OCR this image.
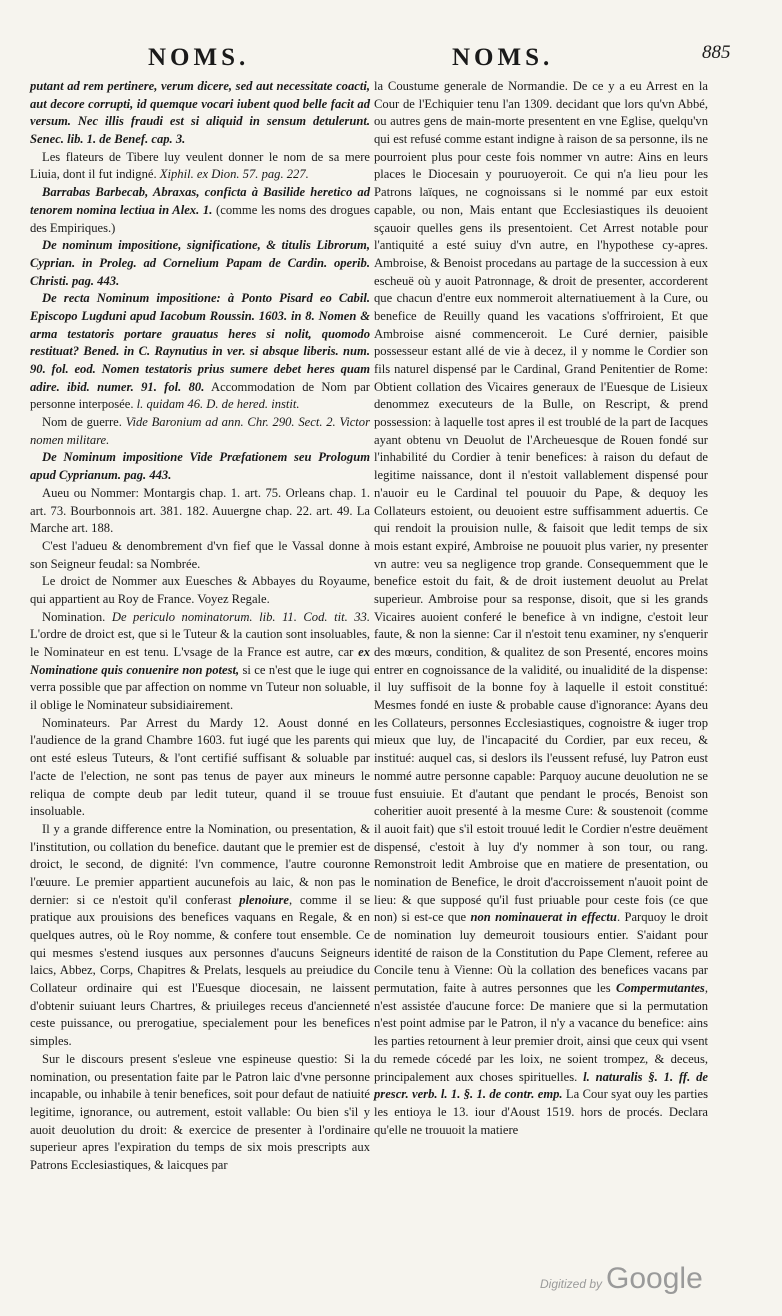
NOMS.	NOMS.	885

putant ad rem pertinere, verum dicere, sed aut necessitate coacti, aut decore corrupti, id quemque vocari iubent quod belle facit ad versum. Nec illis fraudi est si aliquid in sensum detulerunt. Senec. lib. 1. de Benef. cap. 3.

Les flateurs de Tibere luy veulent donner le nom de sa mere Liuia, dont il fut indigné. Xiphil. ex Dion. 57. pag. 227.

Barrabas Barbecab, Abraxas, conficta à Basilide heretico ad tenorem nomina lectiua in Alex. 1. (comme les noms des drogues des Empiriques.)

De nominum impositione, significatione, & titulis Librorum, Cyprian. in Proleg. ad Cornelium Papam de Cardin. operib. Christi. pag. 443.

De recta Nominum impositione: à Ponto Pisard eo Cabil. Episcopo Lugduni apud Iacobum Roussin. 1603. in 8. Nomen & arma testatoris portare grauatus heres si nolit, quomodo restituat? Bened. in C. Raynutius in ver. si absque liberis. num. 90. fol. eod. Nomen testatoris prius sumere debet heres quam adire. ibid. numer. 91. fol. 80. Accommodation de Nom par personne interposée. l. quidam 46. D. de hered. instit.

Nom de guerre. Vide Baronium ad ann. Chr. 290. Sect. 2. Victor nomen militare.

De Nominum impositione Vide Præfationem seu Prologum apud Cyprianum. pag. 443.

Aueu ou Nommer: Montargis chap. 1. art. 75. Orleans chap. 1. art. 73. Bourbonnois art. 381. 182. Auuergne chap. 22. art. 49. La Marche art. 188.

C'est l'adueu & denombrement d'vn fief que le Vassal donne à son Seigneur feudal: sa Nombrée.

Le droict de Nommer aux Euesches & Abbayes du Royaume, qui appartient au Roy de France. Voyez Regale.

Nomination. De periculo nominatorum. lib. 11. Cod. tit. 33. L'ordre de droict est, que si le Tuteur & la caution sont insoluables, le Nominateur en est tenu. L'vsage de la France est autre, car ex Nominatione quis conuenire non potest, si ce n'est que le iuge qui verra possible que par affection on nomme vn Tuteur non soluable, il oblige le Nominateur subsidiairement.

Nominateurs. Par Arrest du Mardy 12. Aoust donné en l'audience de la grand Chambre 1603. fut iugé que les parents qui ont esté esleus Tuteurs, & l'ont certifié suffisant & soluable par l'acte de l'election, ne sont pas tenus de payer aux mineurs le reliqua de compte deub par ledit tuteur, quand il se trouue insoluable.

Il y a grande difference entre la Nomination, ou presentation, & l'institution, ou collation du benefice. dautant que le premier est de droict, le second, de dignité: l'vn commence, l'autre couronne l'œuure. Le premier appartient aucunefois au laic, & non pas le dernier: si ce n'estoit qu'il conferast plenoiure, comme il se pratique aux prouisions des benefices vaquans en Regale, & en quelques autres, où le Roy nomme, & confere tout ensemble. Ce qui mesmes s'estend iusques aux personnes d'aucuns Seigneurs laics, Abbez, Corps, Chapitres & Prelats, lesquels au preiudice du Collateur ordinaire qui est l'Euesque diocesain, ne laissent d'obtenir suiuant leurs Chartres, & priuileges receus d'ancienneté ceste puissance, ou prerogatiue, specialement pour les benefices simples.

Sur le discours present s'esleue vne espineuse questio: Si la nomination, ou presentation faite par le Patron laic d'vne personne incapable, ou inhabile à tenir benefices, soit pour defaut de natiuité legitime, ignorance, ou autrement, estoit vallable: Ou bien s'il y auoit deuolution du droit: & exercice de presenter à l'ordinaire superieur apres l'expiration du temps de six mois prescripts aux Patrons Ecclesiastiques, & laicques par

la Coustume generale de Normandie. De ce y a eu Arrest en la Cour de l'Echiquier tenu l'an 1309. decidant que lors qu'vn Abbé, ou autres gens de main-morte presentent en vne Eglise, quelqu'vn qui est refusé comme estant indigne à raison de sa personne, ils ne pourroient plus pour ceste fois nommer vn autre: Ains en leurs places le Diocesain y pouruoyeroit. Ce qui n'a lieu pour les Patrons laïques, ne cognoissans si le nommé par eux estoit capable, ou non, Mais entant que Ecclesiastiques ils deuoient sçauoir quelles gens ils presentoient. Cet Arrest notable pour l'antiquité a esté suiuy d'vn autre, en l'hypothese cy-apres. Ambroise, & Benoist procedans au partage de la succession à eux escheuë où y auoit Patronnage, & droit de presenter, accorderent que chacun d'entre eux nommeroit alternatiuement à la Cure, ou benefice de Reuilly quand les vacations s'offriroient, Et que Ambroise aisné commenceroit. Le Curé dernier, paisible possesseur estant allé de vie à decez, il y nomme le Cordier son fils naturel dispensé par le Cardinal, Grand Penitentier de Rome: Obtient collation des Vicaires generaux de l'Euesque de Lisieux denommez executeurs de la Bulle, on Rescript, & prend possession: à laquelle tost apres il est troublé de la part de Iacques ayant obtenu vn Deuolut de l'Archeuesque de Rouen fondé sur l'inhabilité du Cordier à tenir benefices: à raison du defaut de legitime naissance, dont il n'estoit vallablement dispensé pour n'auoir eu le Cardinal tel pouuoir du Pape, & dequoy les Collateurs estoient, ou deuoient estre suffisamment aduertis. Ce qui rendoit la prouision nulle, & faisoit que ledit temps de six mois estant expiré, Ambroise ne pouuoit plus varier, ny presenter vn autre: veu sa negligence trop grande. Consequemment que le benefice estoit du fait, & de droit iustement deuolut au Prelat superieur. Ambroise pour sa response, disoit, que si les grands Vicaires auoient conferé le benefice à vn indigne, c'estoit leur faute, & non la sienne: Car il n'estoit tenu examiner, ny s'enquerir des mœurs, condition, & qualitez de son Presenté, encores moins entrer en cognoissance de la validité, ou inualidité de la dispense: il luy suffisoit de la bonne foy à laquelle il estoit constitué: Mesmes fondé en iuste & probable cause d'ignorance: Ayans deu les Collateurs, personnes Ecclesiastiques, cognoistre & iuger trop mieux que luy, de l'incapacité du Cordier, par eux receu, & institué: auquel cas, si deslors ils l'eussent refusé, luy Patron eust nommé autre personne capable: Parquoy aucune deuolution ne se fust ensuiuie. Et d'autant que pendant le procés, Benoist son coheritier auoit presenté à la mesme Cure: & soustenoit (comme il auoit fait) que s'il estoit trouué ledit le Cordier n'estre deuëment dispensé, c'estoit à luy d'y nommer à son tour, ou rang. Remonstroit ledit Ambroise que en matiere de presentation, ou nomination de Benefice, le droit d'accroissement n'auoit point de lieu: & que supposé qu'il fust priuable pour ceste fois (ce que non) si est-ce que non nominauerat in effectu. Parquoy le droit de nomination luy demeuroit tousiours entier. S'aidant pour identité de raison de la Constitution du Pape Clement, referee au Concile tenu à Vienne: Où la collation des benefices vacans par permutation, faite à autres personnes que les Compermutantes, n'est assistée d'aucune force: De maniere que si la permutation n'est point admise par le Patron, il n'y a vacance du benefice: ains les parties retournent à leur premier droit, ainsi que ceux qui vsent du remede cócedé par les loix, ne soient trompez, & deceus, principalement aux choses spirituelles. l. naturalis §. 1. ff. de prescr. verb. l. 1. §. 1. de contr. emp. La Cour syat ouy les parties les entioya le 13. iour d'Aoust 1519. hors de procés. Declara qu'elle ne trouuoit la matiere

Digitized by Google
